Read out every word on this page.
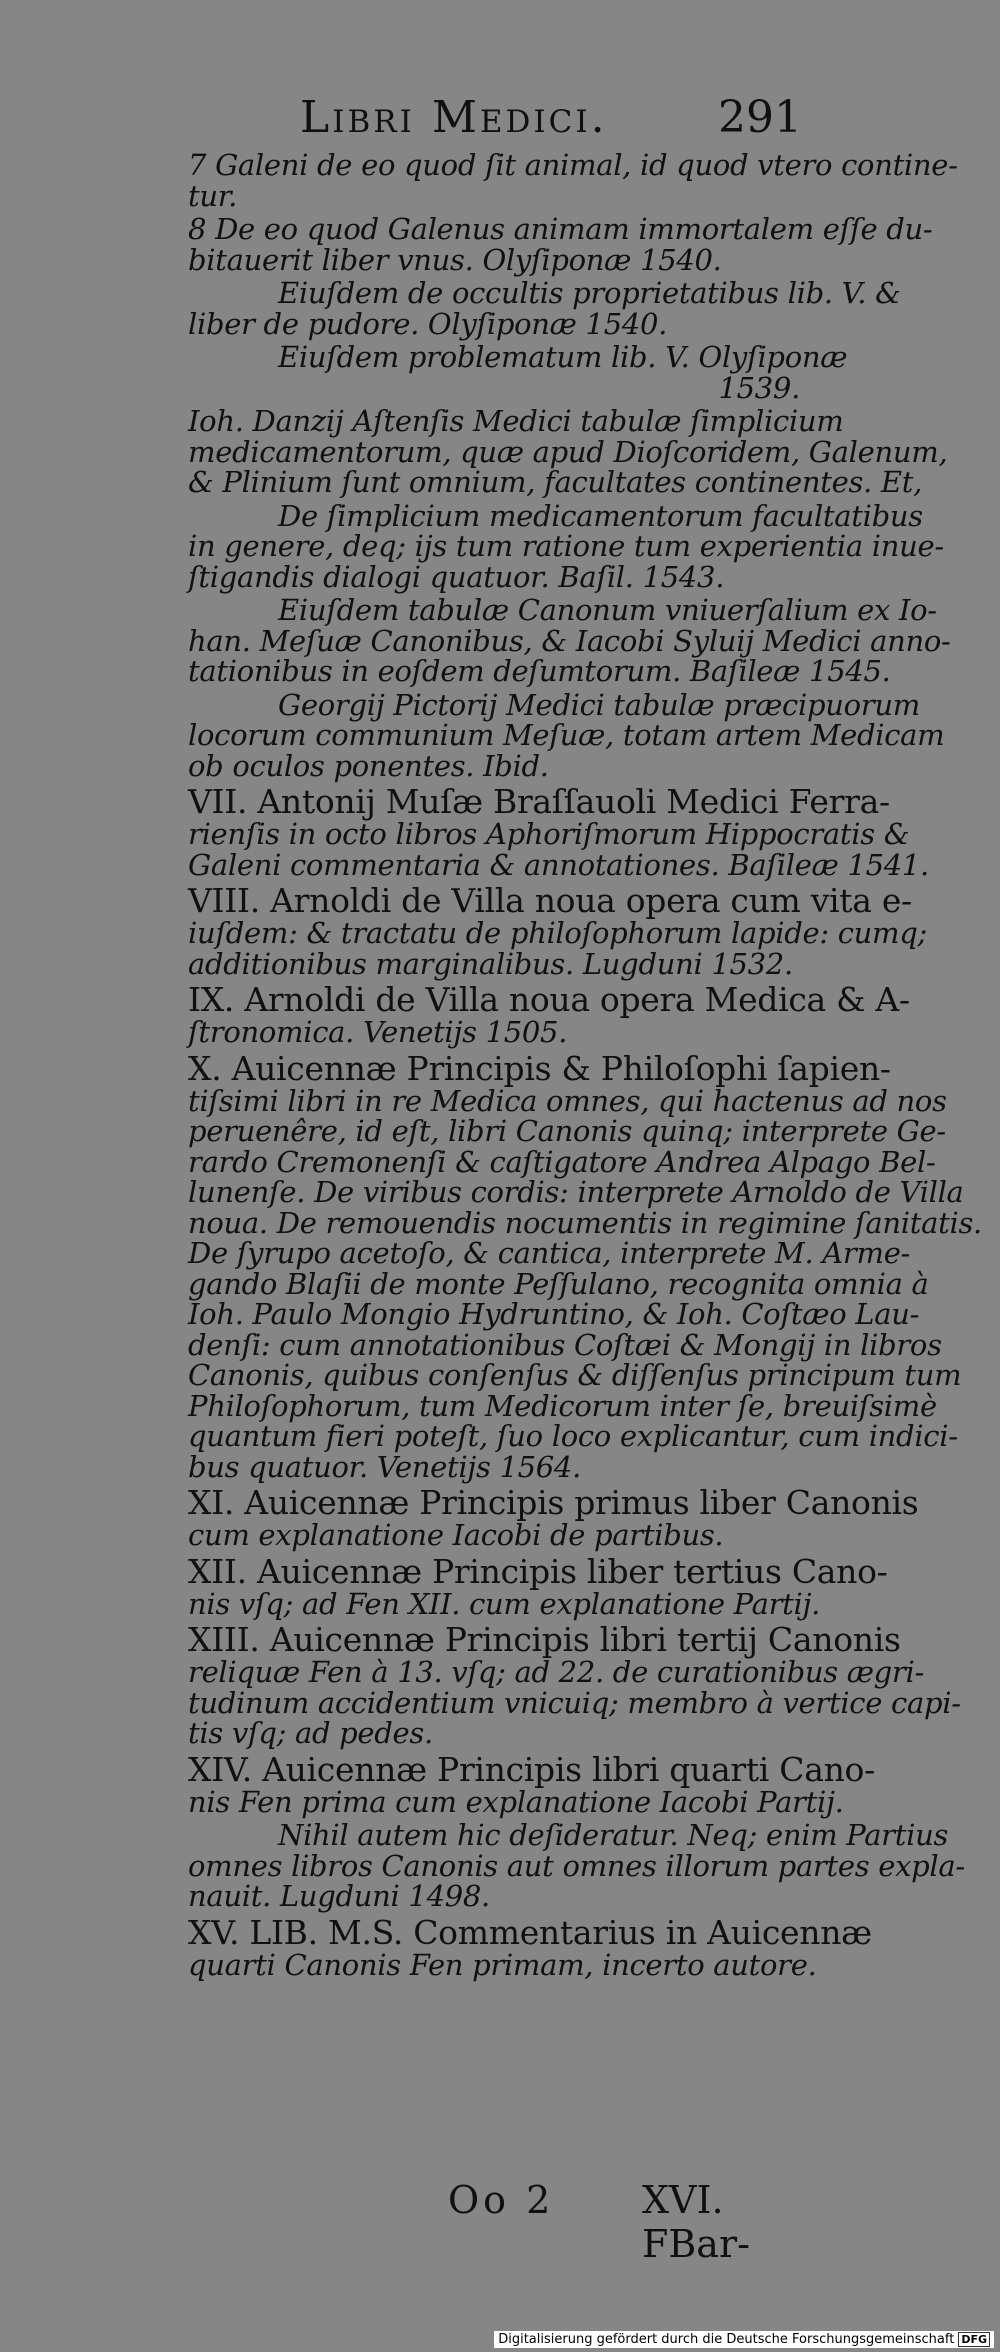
Libri Medici.	291
7 Galeni de eo quod ſit animal, id quod vtero contine-
tur.
8 De eo quod Galenus animam immortalem eſſe du-
bitauerit liber vnus. Olyſiponæ 1540.
Eiuſdem de occultis proprietatibus lib. V. &
liber de pudore. Olyſiponæ 1540.
Eiuſdem problematum lib. V. Olyſiponæ
1539.
Ioh. Danzij Aſtenſis Medici tabulæ ſimplicium
medicamentorum, quæ apud Dioſcoridem, Galenum,
& Plinium ſunt omnium, facultates continentes. Et,
De ſimplicium medicamentorum facultatibus
in genere, deq; ijs tum ratione tum experientia inue-
ſtigandis dialogi quatuor. Baſil. 1543.
Eiuſdem tabulæ Canonum vniuerſalium ex Io-
han. Meſuæ Canonibus, & Iacobi Syluij Medici anno-
tationibus in eoſdem deſumtorum. Baſileæ 1545.
Georgij Pictorij Medici tabulæ præcipuorum
locorum communium Meſuæ, totam artem Medicam
ob oculos ponentes. Ibid.
VII. Antonij Muſæ Braſſauoli Medici Ferra-
rienſis in octo libros Aphoriſmorum Hippocratis &
Galeni commentaria & annotationes. Baſileæ 1541.
VIII. Arnoldi de Villa noua opera cum vita e-
iuſdem: & tractatu de philoſophorum lapide: cumq;
additionibus marginalibus. Lugduni 1532.
IX. Arnoldi de Villa noua opera Medica & A-
ſtronomica. Venetijs 1505.
X. Auicennæ Principis & Philoſophi ſapien-
tiſsimi libri in re Medica omnes, qui hactenus ad nos
peruenêre, id eſt, libri Canonis quinq; interprete Ge-
rardo Cremonenſi & caſtigatore Andrea Alpago Bel-
lunenſe. De viribus cordis: interprete Arnoldo de Villa
noua. De remouendis nocumentis in regimine ſanitatis.
De ſyrupo acetoſo, & cantica, interprete M. Arme-
gando Blaſii de monte Peſſulano, recognita omnia à
Ioh. Paulo Mongio Hydruntino, & Ioh. Coſtæo Lau-
denſi: cum annotationibus Coſtæi & Mongij in libros
Canonis, quibus conſenſus & diſſenſus principum tum
Philoſophorum, tum Medicorum inter ſe, breuiſsimè
quantum fieri poteſt, ſuo loco explicantur, cum indici-
bus quatuor. Venetijs 1564.
XI. Auicennæ Principis primus liber Canonis
cum explanatione Iacobi de partibus.
XII. Auicennæ Principis liber tertius Cano-
nis vſq; ad Fen XII. cum explanatione Partij.
XIII. Auicennæ Principis libri tertij Canonis
reliquæ Fen à 13. vſq; ad 22. de curationibus ægri-
tudinum accidentium vnicuiq; membro à vertice capi-
tis vſq; ad pedes.
XIV. Auicennæ Principis libri quarti Cano-
nis Fen prima cum explanatione Iacobi Partij.
Nihil autem hic deſideratur. Neq; enim Partius
omnes libros Canonis aut omnes illorum partes expla-
nauit. Lugduni 1498.
XV. LIB. M.S. Commentarius in Auicennæ
quarti Canonis Fen primam, incerto autore.
Oo 2 XVI. FBar-
Digitalisierung gefördert durch die Deutsche Forschungsgemeinschaft DFG
